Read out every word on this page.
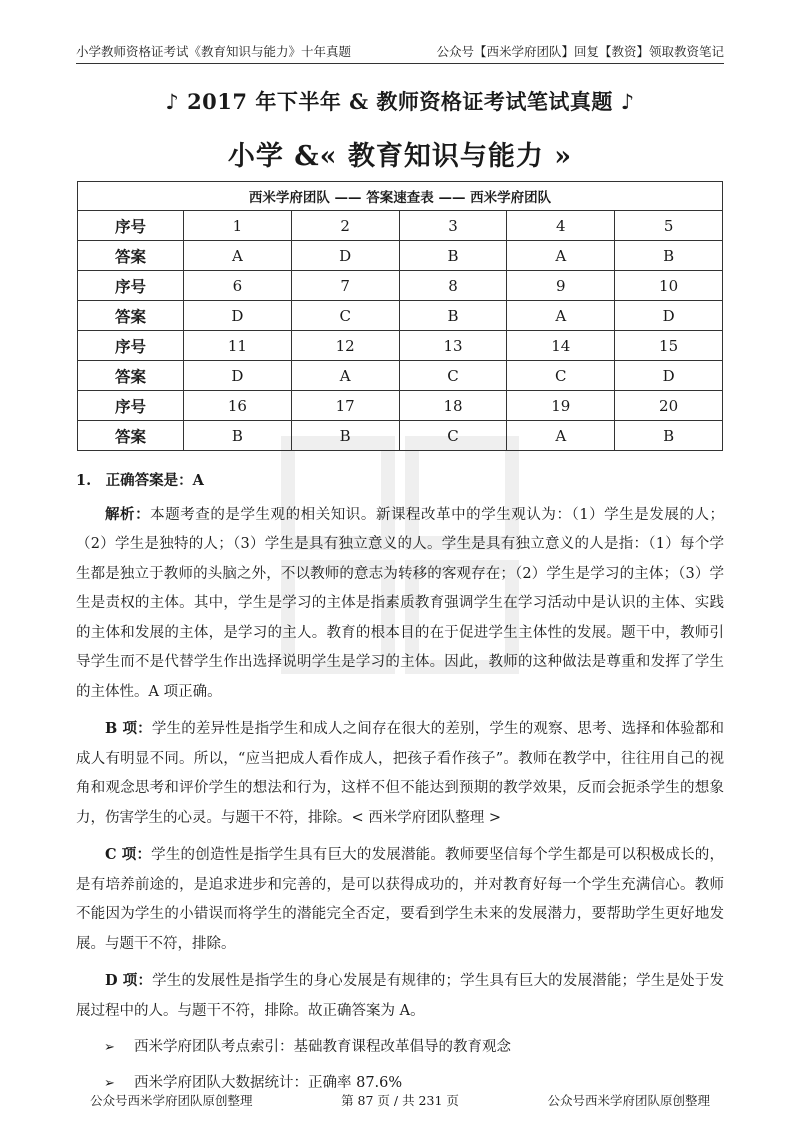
小学教师资格证考试《教育知识与能力》十年真题	公众号【西米学府团队】回复【教资】领取教资笔记
♪ 2017 年下半年 & 教师资格证考试笔试真题 ♪
小学 &« 教育知识与能力 »
西米学府团队 —— 答案速查表 —— 西米学府团队					
序号	1	2	3	4	5
答案	A	D	B	A	B
序号	6	7	8	9	10
答案	D	C	B	A	D
序号	11	12	13	14	15
答案	D	A	C	C	D
序号	16	17	18	19	20
答案	B	B	C	A	B

1.　正确答案是：A

解析：本题考查的是学生观的相关知识。新课程改革中的学生观认为：（1）学生是发展的人；（2）学生是独特的人；（3）学生是具有独立意义的人。学生是具有独立意义的人是指：（1）每个学生都是独立于教师的头脑之外，不以教师的意志为转移的客观存在；（2）学生是学习的主体；（3）学生是责权的主体。其中，学生是学习的主体是指素质教育强调学生在学习活动中是认识的主体、实践的主体和发展的主体，是学习的主人。教育的根本目的在于促进学生主体性的发展。题干中，教师引导学生而不是代替学生作出选择说明学生是学习的主体。因此，教师的这种做法是尊重和发挥了学生的主体性。A 项正确。

B 项：学生的差异性是指学生和成人之间存在很大的差别，学生的观察、思考、选择和体验都和成人有明显不同。所以，“应当把成人看作成人，把孩子看作孩子”。教师在教学中，往往用自己的视角和观念思考和评价学生的想法和行为，这样不但不能达到预期的教学效果，反而会扼杀学生的想象力，伤害学生的心灵。与题干不符，排除。< 西米学府团队整理 >

C 项：学生的创造性是指学生具有巨大的发展潜能。教师要坚信每个学生都是可以积极成长的，是有培养前途的，是追求进步和完善的，是可以获得成功的，并对教育好每一个学生充满信心。教师不能因为学生的小错误而将学生的潜能完全否定，要看到学生未来的发展潜力，要帮助学生更好地发展。与题干不符，排除。

D 项：学生的发展性是指学生的身心发展是有规律的；学生具有巨大的发展潜能；学生是处于发展过程中的人。与题干不符，排除。故正确答案为 A。

➢	西米学府团队考点索引：基础教育课程改革倡导的教育观念
➢	西米学府团队大数据统计：正确率 87.6%
公众号西米学府团队原创整理	第 87 页 / 共 231 页	公众号西米学府团队原创整理
